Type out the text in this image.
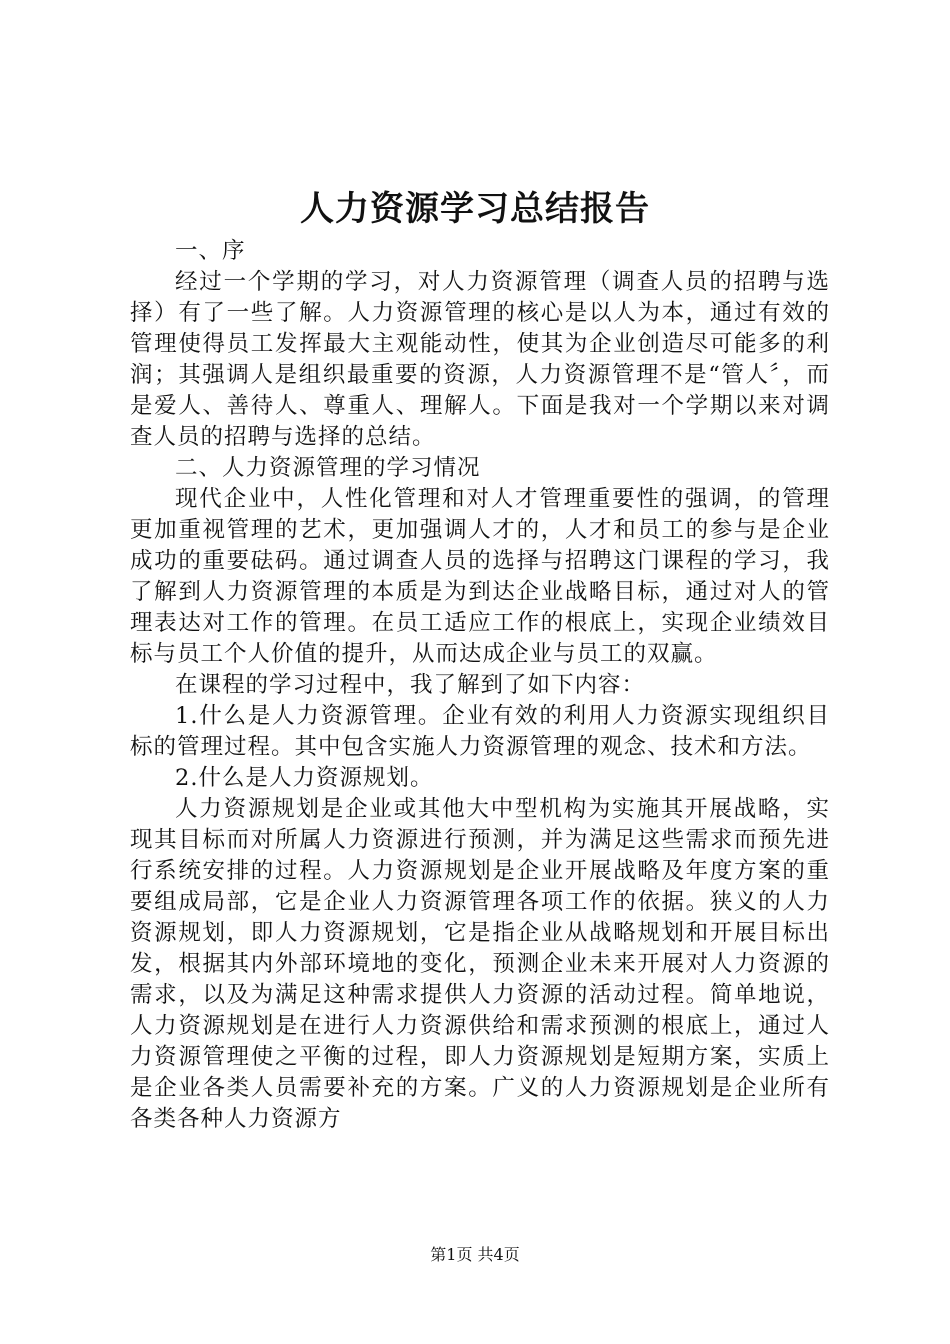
人力资源学习总结报告

一、序

经过一个学期的学习，对人力资源管理（调查人员的招聘与选择）有了一些了解。人力资源管理的核心是以人为本，通过有效的管理使得员工发挥最大主观能动性，使其为企业创造尽可能多的利润；其强调人是组织最重要的资源，人力资源管理不是“管人〞，而是爱人、善待人、尊重人、理解人。下面是我对一个学期以来对调查人员的招聘与选择的总结。

二、人力资源管理的学习情况

现代企业中，人性化管理和对人才管理重要性的强调，的管理更加重视管理的艺术，更加强调人才的，人才和员工的参与是企业成功的重要砝码。通过调查人员的选择与招聘这门课程的学习，我了解到人力资源管理的本质是为到达企业战略目标，通过对人的管理表达对工作的管理。在员工适应工作的根底上，实现企业绩效目标与员工个人价值的提升，从而达成企业与员工的双赢。

在课程的学习过程中，我了解到了如下内容：

1.什么是人力资源管理。企业有效的利用人力资源实现组织目标的管理过程。其中包含实施人力资源管理的观念、技术和方法。

2.什么是人力资源规划。

人力资源规划是企业或其他大中型机构为实施其开展战略，实现其目标而对所属人力资源进行预测，并为满足这些需求而预先进行系统安排的过程。人力资源规划是企业开展战略及年度方案的重要组成局部，它是企业人力资源管理各项工作的依据。狭义的人力资源规划，即人力资源规划，它是指企业从战略规划和开展目标出发，根据其内外部环境地的变化，预测企业未来开展对人力资源的需求，以及为满足这种需求提供人力资源的活动过程。简单地说，人力资源规划是在进行人力资源供给和需求预测的根底上，通过人力资源管理使之平衡的过程，即人力资源规划是短期方案，实质上是企业各类人员需要补充的方案。广义的人力资源规划是企业所有各类各种人力资源方

第1页 共4页
